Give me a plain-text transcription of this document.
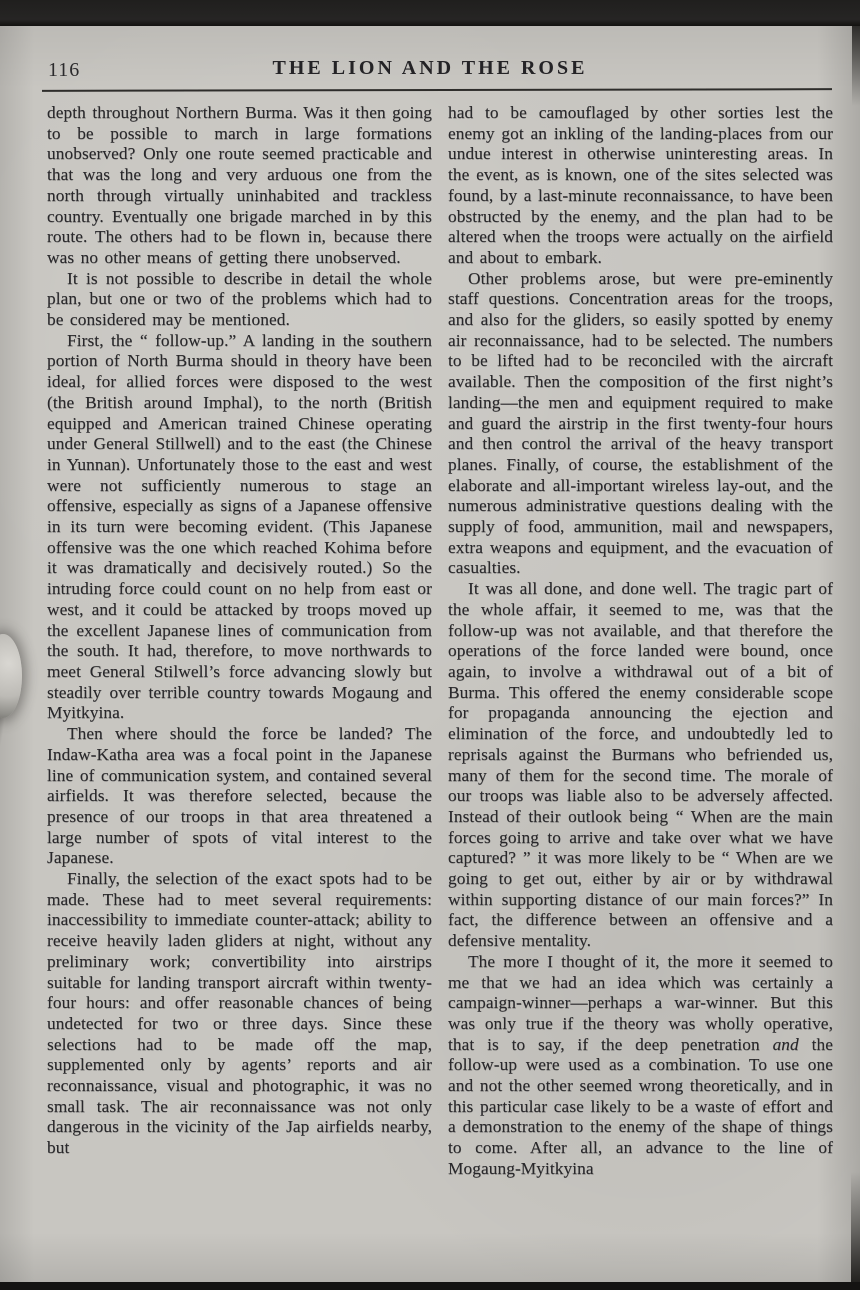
116	THE LION AND THE ROSE

depth throughout Northern Burma. Was it then going to be possible to march in large formations unobserved? Only one route seemed practicable and that was the long and very arduous one from the north through virtually uninhabited and trackless country. Eventually one brigade marched in by this route. The others had to be flown in, because there was no other means of getting there unobserved.

It is not possible to describe in detail the whole plan, but one or two of the problems which had to be considered may be mentioned.

First, the “ follow-up.” A landing in the southern portion of North Burma should in theory have been ideal, for allied forces were disposed to the west (the British around Imphal), to the north (British equipped and American trained Chinese operating under General Stillwell) and to the east (the Chinese in Yunnan). Unfortunately those to the east and west were not sufficiently numerous to stage an offensive, especially as signs of a Japanese offensive in its turn were becoming evident. (This Japanese offensive was the one which reached Kohima before it was dramatically and decisively routed.) So the intruding force could count on no help from east or west, and it could be attacked by troops moved up the excellent Japanese lines of communication from the south. It had, therefore, to move northwards to meet General Stilwell’s force advancing slowly but steadily over terrible country towards Mogaung and Myitkyina.

Then where should the force be landed? The Indaw-Katha area was a focal point in the Japanese line of communication system, and contained several airfields. It was therefore selected, because the presence of our troops in that area threatened a large number of spots of vital interest to the Japanese.

Finally, the selection of the exact spots had to be made. These had to meet several requirements: inaccessibility to immediate counter-attack; ability to receive heavily laden gliders at night, without any preliminary work; convertibility into airstrips suitable for landing transport aircraft within twenty-four hours: and offer reasonable chances of being undetected for two or three days. Since these selections had to be made off the map, supplemented only by agents’ reports and air reconnaissance, visual and photographic, it was no small task. The air reconnaissance was not only dangerous in the vicinity of the Jap airfields nearby, but

had to be camouflaged by other sorties lest the enemy got an inkling of the landing-places from our undue interest in otherwise uninteresting areas. In the event, as is known, one of the sites selected was found, by a last-minute reconnaissance, to have been obstructed by the enemy, and the plan had to be altered when the troops were actually on the airfield and about to embark.

Other problems arose, but were pre-eminently staff questions. Concentration areas for the troops, and also for the gliders, so easily spotted by enemy air reconnaissance, had to be selected. The numbers to be lifted had to be reconciled with the aircraft available. Then the composition of the first night’s landing—the men and equipment required to make and guard the airstrip in the first twenty-four hours and then control the arrival of the heavy transport planes. Finally, of course, the establishment of the elaborate and all-important wireless lay-out, and the numerous administrative questions dealing with the supply of food, ammunition, mail and newspapers, extra weapons and equipment, and the evacuation of casualties.

It was all done, and done well. The tragic part of the whole affair, it seemed to me, was that the follow-up was not available, and that therefore the operations of the force landed were bound, once again, to involve a withdrawal out of a bit of Burma. This offered the enemy considerable scope for propaganda announcing the ejection and elimination of the force, and undoubtedly led to reprisals against the Burmans who befriended us, many of them for the second time. The morale of our troops was liable also to be adversely affected. Instead of their outlook being “ When are the main forces going to arrive and take over what we have captured? ” it was more likely to be “ When are we going to get out, either by air or by withdrawal within supporting distance of our main forces?” In fact, the difference between an offensive and a defensive mentality.

The more I thought of it, the more it seemed to me that we had an idea which was certainly a campaign-winner—perhaps a war-winner. But this was only true if the theory was wholly operative, that is to say, if the deep penetration and the follow-up were used as a combination. To use one and not the other seemed wrong theoretically, and in this particular case likely to be a waste of effort and a demonstration to the enemy of the shape of things to come. After all, an advance to the line of Mogaung-Myitkyina
